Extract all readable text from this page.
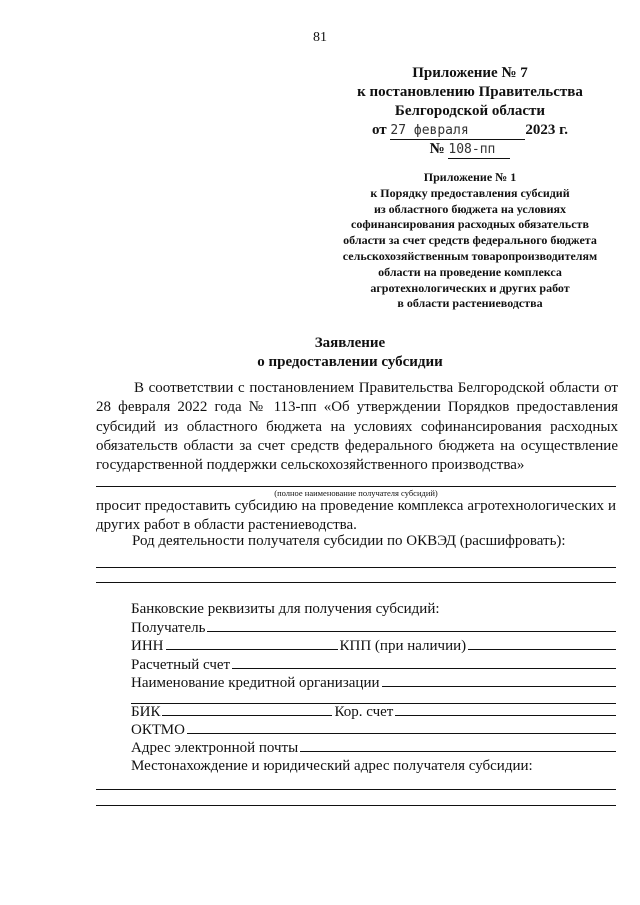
81
Приложение № 7
к постановлению Правительства
Белгородской области
от
27 февраля	2023 г.
№
108-пп
Приложение № 1
к Порядку предоставления субсидий
из областного бюджета на условиях
софинансирования расходных обязательств
области за счет средств федерального бюджета
сельскохозяйственным товаропроизводителям
области на проведение комплекса
агротехнологических и других работ
в области растениеводства
Заявление
о предоставлении субсидии
В соответствии с постановлением Правительства Белгородской области от 28 февраля 2022 года № 113-пп «Об утверждении Порядков предоставления субсидий из областного бюджета на условиях софинансирования расходных обязательств области за счет средств федерального бюджета на осуществление государственной поддержки сельскохозяйственного производства»
(полное наименование получателя субсидий)
просит предоставить субсидию на проведение комплекса агротехнологических и других работ в области растениеводства.
Род деятельности получателя субсидии по ОКВЭД (расшифровать):
Банковские реквизиты для получения субсидий:
Получатель
ИНН	КПП (при наличии)
Расчетный счет
Наименование кредитной организации
БИК	Кор. счет
ОКТМО
Адрес электронной почты
Местонахождение и юридический адрес получателя субсидии:
